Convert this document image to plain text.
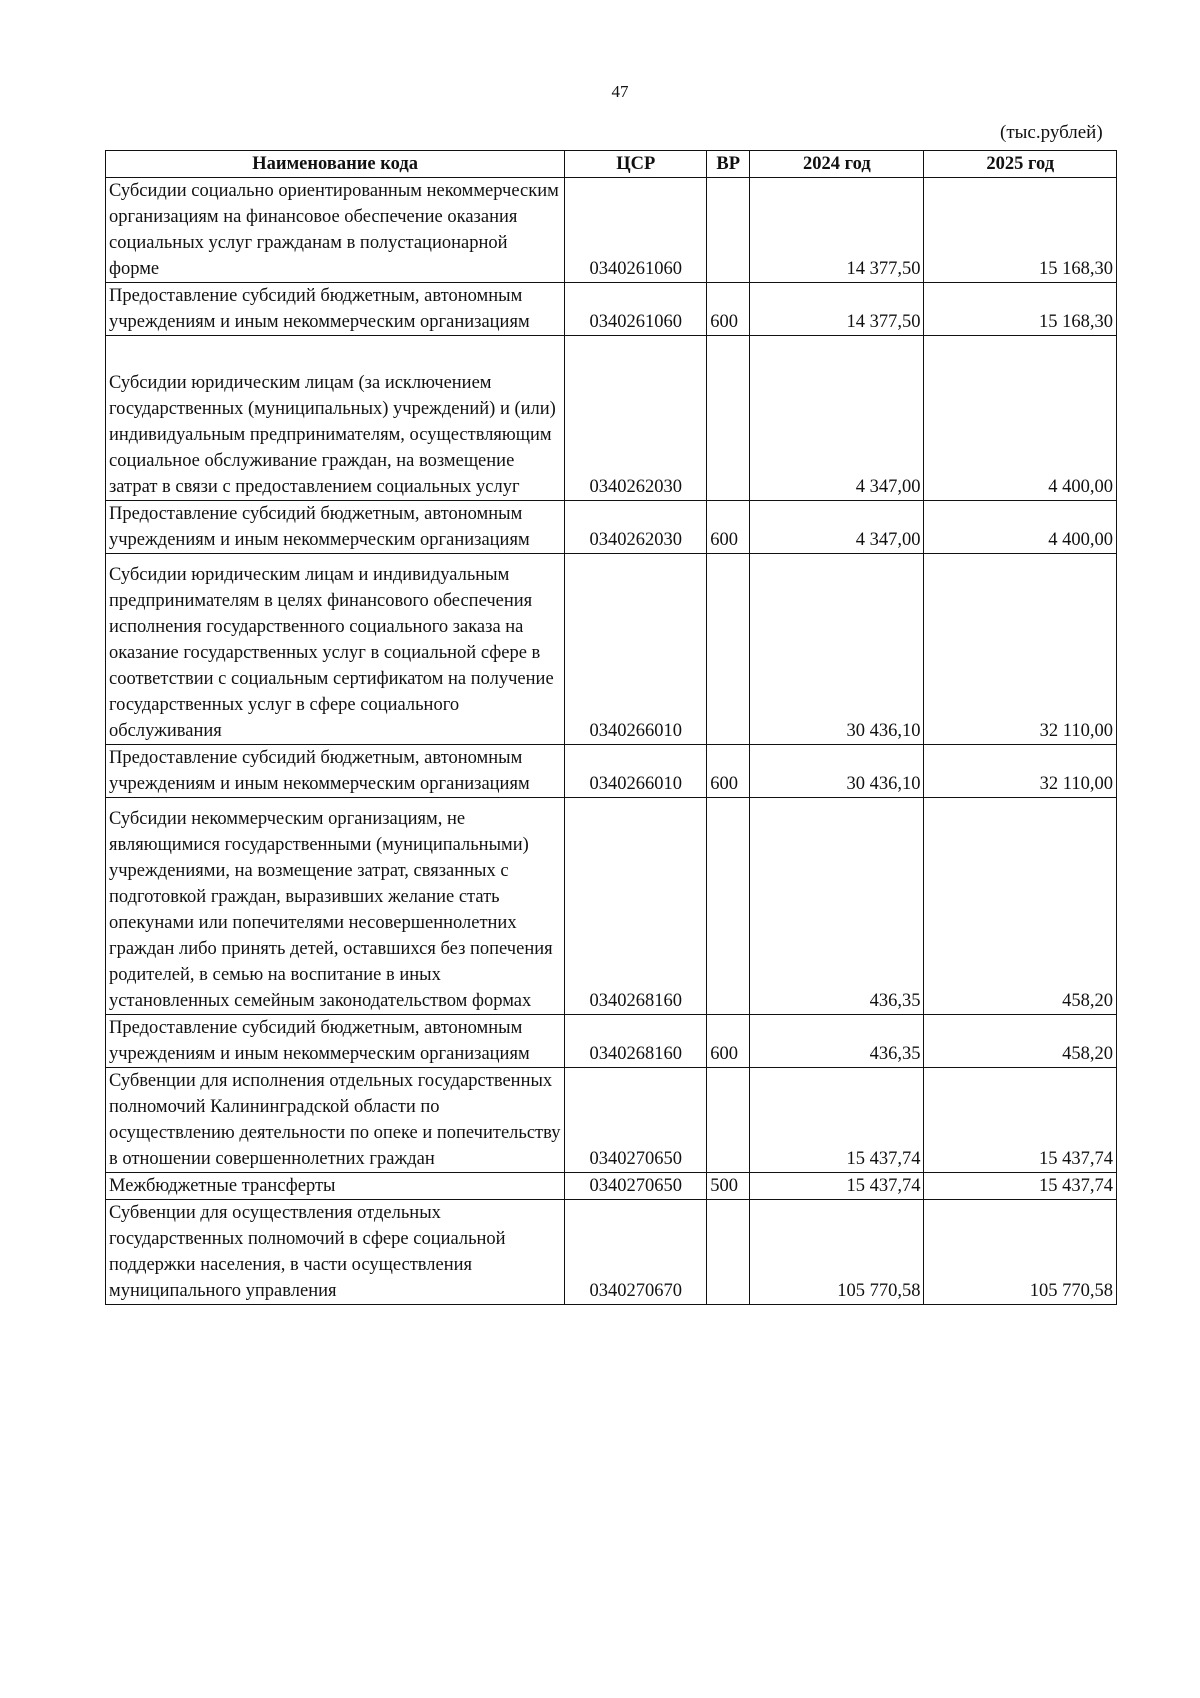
47
(тыс.рублей)
Наименование кода	ЦСР	ВР	2024 год	2025 год
Субсидии социально ориентированным некоммерческим организациям на финансовое обеспечение оказания социальных услуг гражданам в полустационарной форме	0340261060		14 377,50	15 168,30
Предоставление субсидий бюджетным, автономным учреждениям и иным некоммерческим организациям	0340261060	600	14 377,50	15 168,30
Субсидии юридическим лицам (за исключением государственных (муниципальных) учреждений) и (или) индивидуальным предпринимателям, осуществляющим социальное обслуживание граждан, на возмещение затрат в связи с предоставлением социальных услуг	0340262030		4 347,00	4 400,00
Предоставление субсидий бюджетным, автономным учреждениям и иным некоммерческим организациям	0340262030	600	4 347,00	4 400,00
Субсидии юридическим лицам и индивидуальным предпринимателям в целях финансового обеспечения исполнения государственного социального заказа на оказание государственных услуг в социальной сфере в соответствии с социальным сертификатом на получение государственных услуг в сфере социального обслуживания	0340266010		30 436,10	32 110,00
Предоставление субсидий бюджетным, автономным учреждениям и иным некоммерческим организациям	0340266010	600	30 436,10	32 110,00
Субсидии некоммерческим организациям, не являющимися государственными (муниципальными) учреждениями, на возмещение затрат, связанных с подготовкой граждан, выразивших желание стать опекунами или попечителями несовершеннолетних граждан либо принять детей, оставшихся без попечения родителей, в семью на воспитание в иных установленных семейным законодательством формах	0340268160		436,35	458,20
Предоставление субсидий бюджетным, автономным учреждениям и иным некоммерческим организациям	0340268160	600	436,35	458,20
Субвенции для исполнения отдельных государственных полномочий Калининградской области по осуществлению деятельности по опеке и попечительству в отношении совершеннолетних граждан	0340270650		15 437,74	15 437,74
Межбюджетные трансферты	0340270650	500	15 437,74	15 437,74
Субвенции для осуществления отдельных государственных полномочий в сфере социальной поддержки населения, в части осуществления муниципального управления	0340270670		105 770,58	105 770,58
